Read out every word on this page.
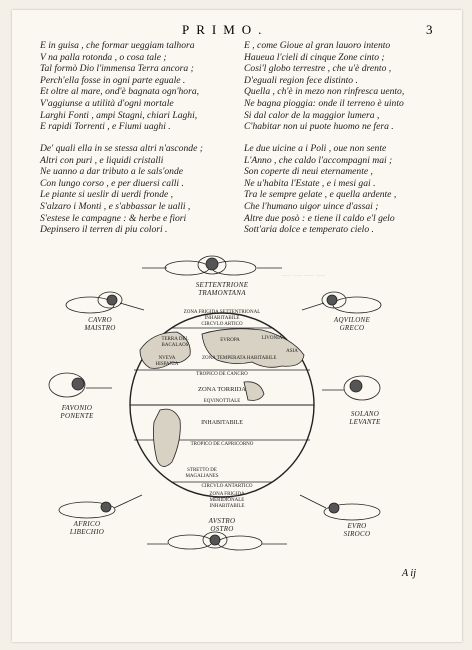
— — — —
PRIMO.	3
E in guisa , che formar ueggiam talhora
V na palla rotonda , o cosa tale ;
Tal formò Dio l'immensa Terra ancora ;
Perch'ella fosse in ogni parte eguale .
Et oltre al mare, ond'è bagnata ogn'hora,
V'aggiunse a utilità d'ogni mortale
Larghi Fonti , ampi Stagni, chiari Laghi,
E rapidi Torrenti , e Fiumi uaghi .
E , come Gioue al gran lauoro intento
Haueua l'cieli di cinque Zone cinto ;
Cosi'l globo terrestre , che u'è drento ,
D'eguali region fece distinto .
Quella , ch'è in mezo non rinfresca uento,
Ne bagna pioggia: onde il terreno è uinto
Si dal calor de la maggior lumera ,
C'habitar non ui puote huomo ne fera .
De' quali ella in se stessa altri n'asconde ;
Altri con puri , e liquidi cristalli
Ne uanno a dar tributo a le sals'onde
Con lungo corso , e per diuersi calli .
Le piante si ueslir di uerdi fronde ,
S'alzaro i Monti , e s'abbassar le ualli ,
S'estese le campagne : & herbe e fiori
Depinsero il terren di piu colori .
Le due uicine a i Poli , oue non sente
L'Anno , che caldo l'accompagni mai ;
Son coperte di neui eternamente ,
Ne u'habita l'Estate , e i mesi gai .
Tra le sempre gelate , e quella ardente ,
Che l'humano uigor uince d'assai ;
Altre due posò : e tiene il caldo e'l gelo
Sott'aria dolce e temperato cielo .
SETTENTRIONE
TRAMONTANA
CAVRO
MAISTRO
AQVILONE
GRECO
FAVONIO
PONENTE	SOLANO
LEVANTE
AFRICO
LIBECHIO
EVRO
SIROCO
AVSTRO
OSTRO
ZONA FRIGIDA SETTENTRIONAL INHABITABILE
CIRCVLO ARTICO
TERRA DEL BACALAOS
EVROPA
NVEVA HISPANIA
LIVONIA
ASIA
ZONA TEMPERATA HABITABILE
TROPICO DE CANCRO
ZONA TORRIDA
EQVINOTTIALE
INHABITABILE
TROPICO DE CAPRICORNO
STRETTO DE MAGALIANES
CIRCVLO ANTARTICO
ZONA FRIGIDA MERIDIONALE INHABITABILE
A ij
